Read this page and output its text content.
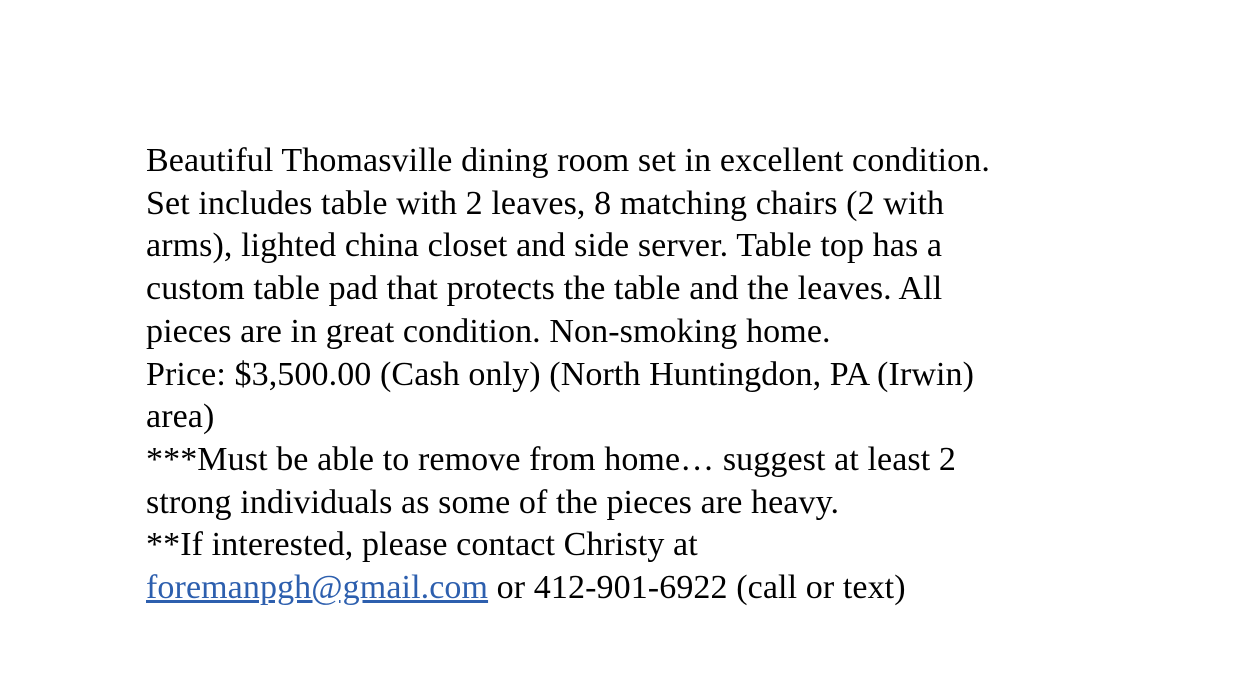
Beautiful Thomasville dining room set in excellent condition.
Set includes table with 2 leaves, 8 matching chairs (2 with
arms), lighted china closet and side server. Table top has a
custom table pad that protects the table and the leaves. All
pieces are in great condition. Non-smoking home.
Price: $3,500.00 (Cash only) (North Huntingdon, PA (Irwin)
area)
***Must be able to remove from home… suggest at least 2
strong individuals as some of the pieces are heavy.
**If interested, please contact Christy at
foremanpgh@gmail.com or 412-901-6922 (call or text)
